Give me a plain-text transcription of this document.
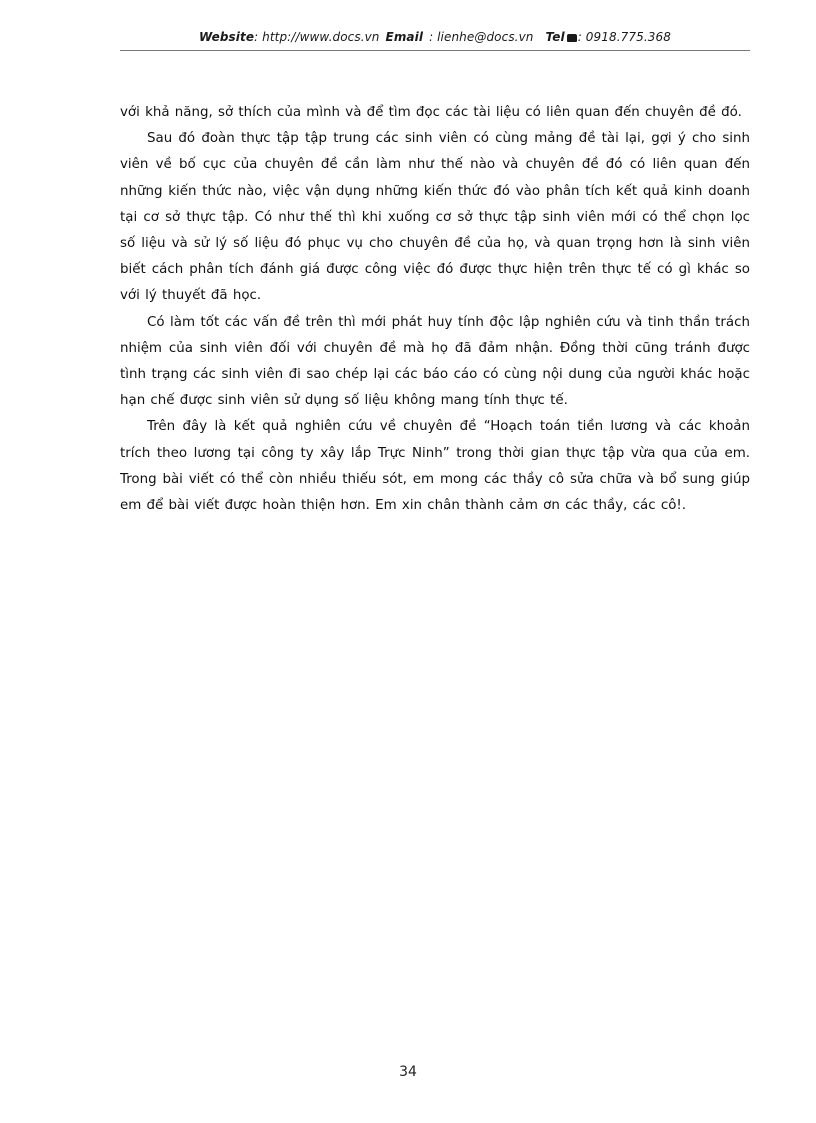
Website: http://www.docs.vn Email : lienhe@docs.vn Tel : 0918.775.368

với khả năng, sở thích của mình và để tìm đọc các tài liệu có liên quan đến chuyên đề đó.

Sau đó đoàn thực tập tập trung các sinh viên có cùng mảng đề tài lại, gợi ý cho sinh viên về bố cục của chuyên đề cần làm như thế nào và chuyên đề đó có liên quan đến những kiến thức nào, việc vận dụng những kiến thức đó vào phân tích kết quả kinh doanh tại cơ sở thực tập. Có như thế thì khi xuống cơ sở thực tập sinh viên mới có thể chọn lọc số liệu và sử lý số liệu đó phục vụ cho chuyên đề của họ, và quan trọng hơn là sinh viên biết cách phân tích đánh giá được công việc đó được thực hiện trên thực tế có gì khác so với lý thuyết đã học.

Có làm tốt các vấn đề trên thì mới phát huy tính độc lập nghiên cứu và tinh thần trách nhiệm của sinh viên đối với chuyên đề mà họ đã đảm nhận. Đồng thời cũng tránh được tình trạng các sinh viên đi sao chép lại các báo cáo có cùng nội dung của người khác hoặc hạn chế được sinh viên sử dụng số liệu không mang tính thực tế.

Trên đây là kết quả nghiên cứu về chuyên đề “Hoạch toán tiền lương và các khoản trích theo lương tại công ty xây lắp Trực Ninh” trong thời gian thực tập vừa qua của em. Trong bài viết có thể còn nhiều thiếu sót, em mong các thầy cô sửa chữa và bổ sung giúp em để bài viết được hoàn thiện hơn. Em xin chân thành cảm ơn các thầy, các cô!.

34
